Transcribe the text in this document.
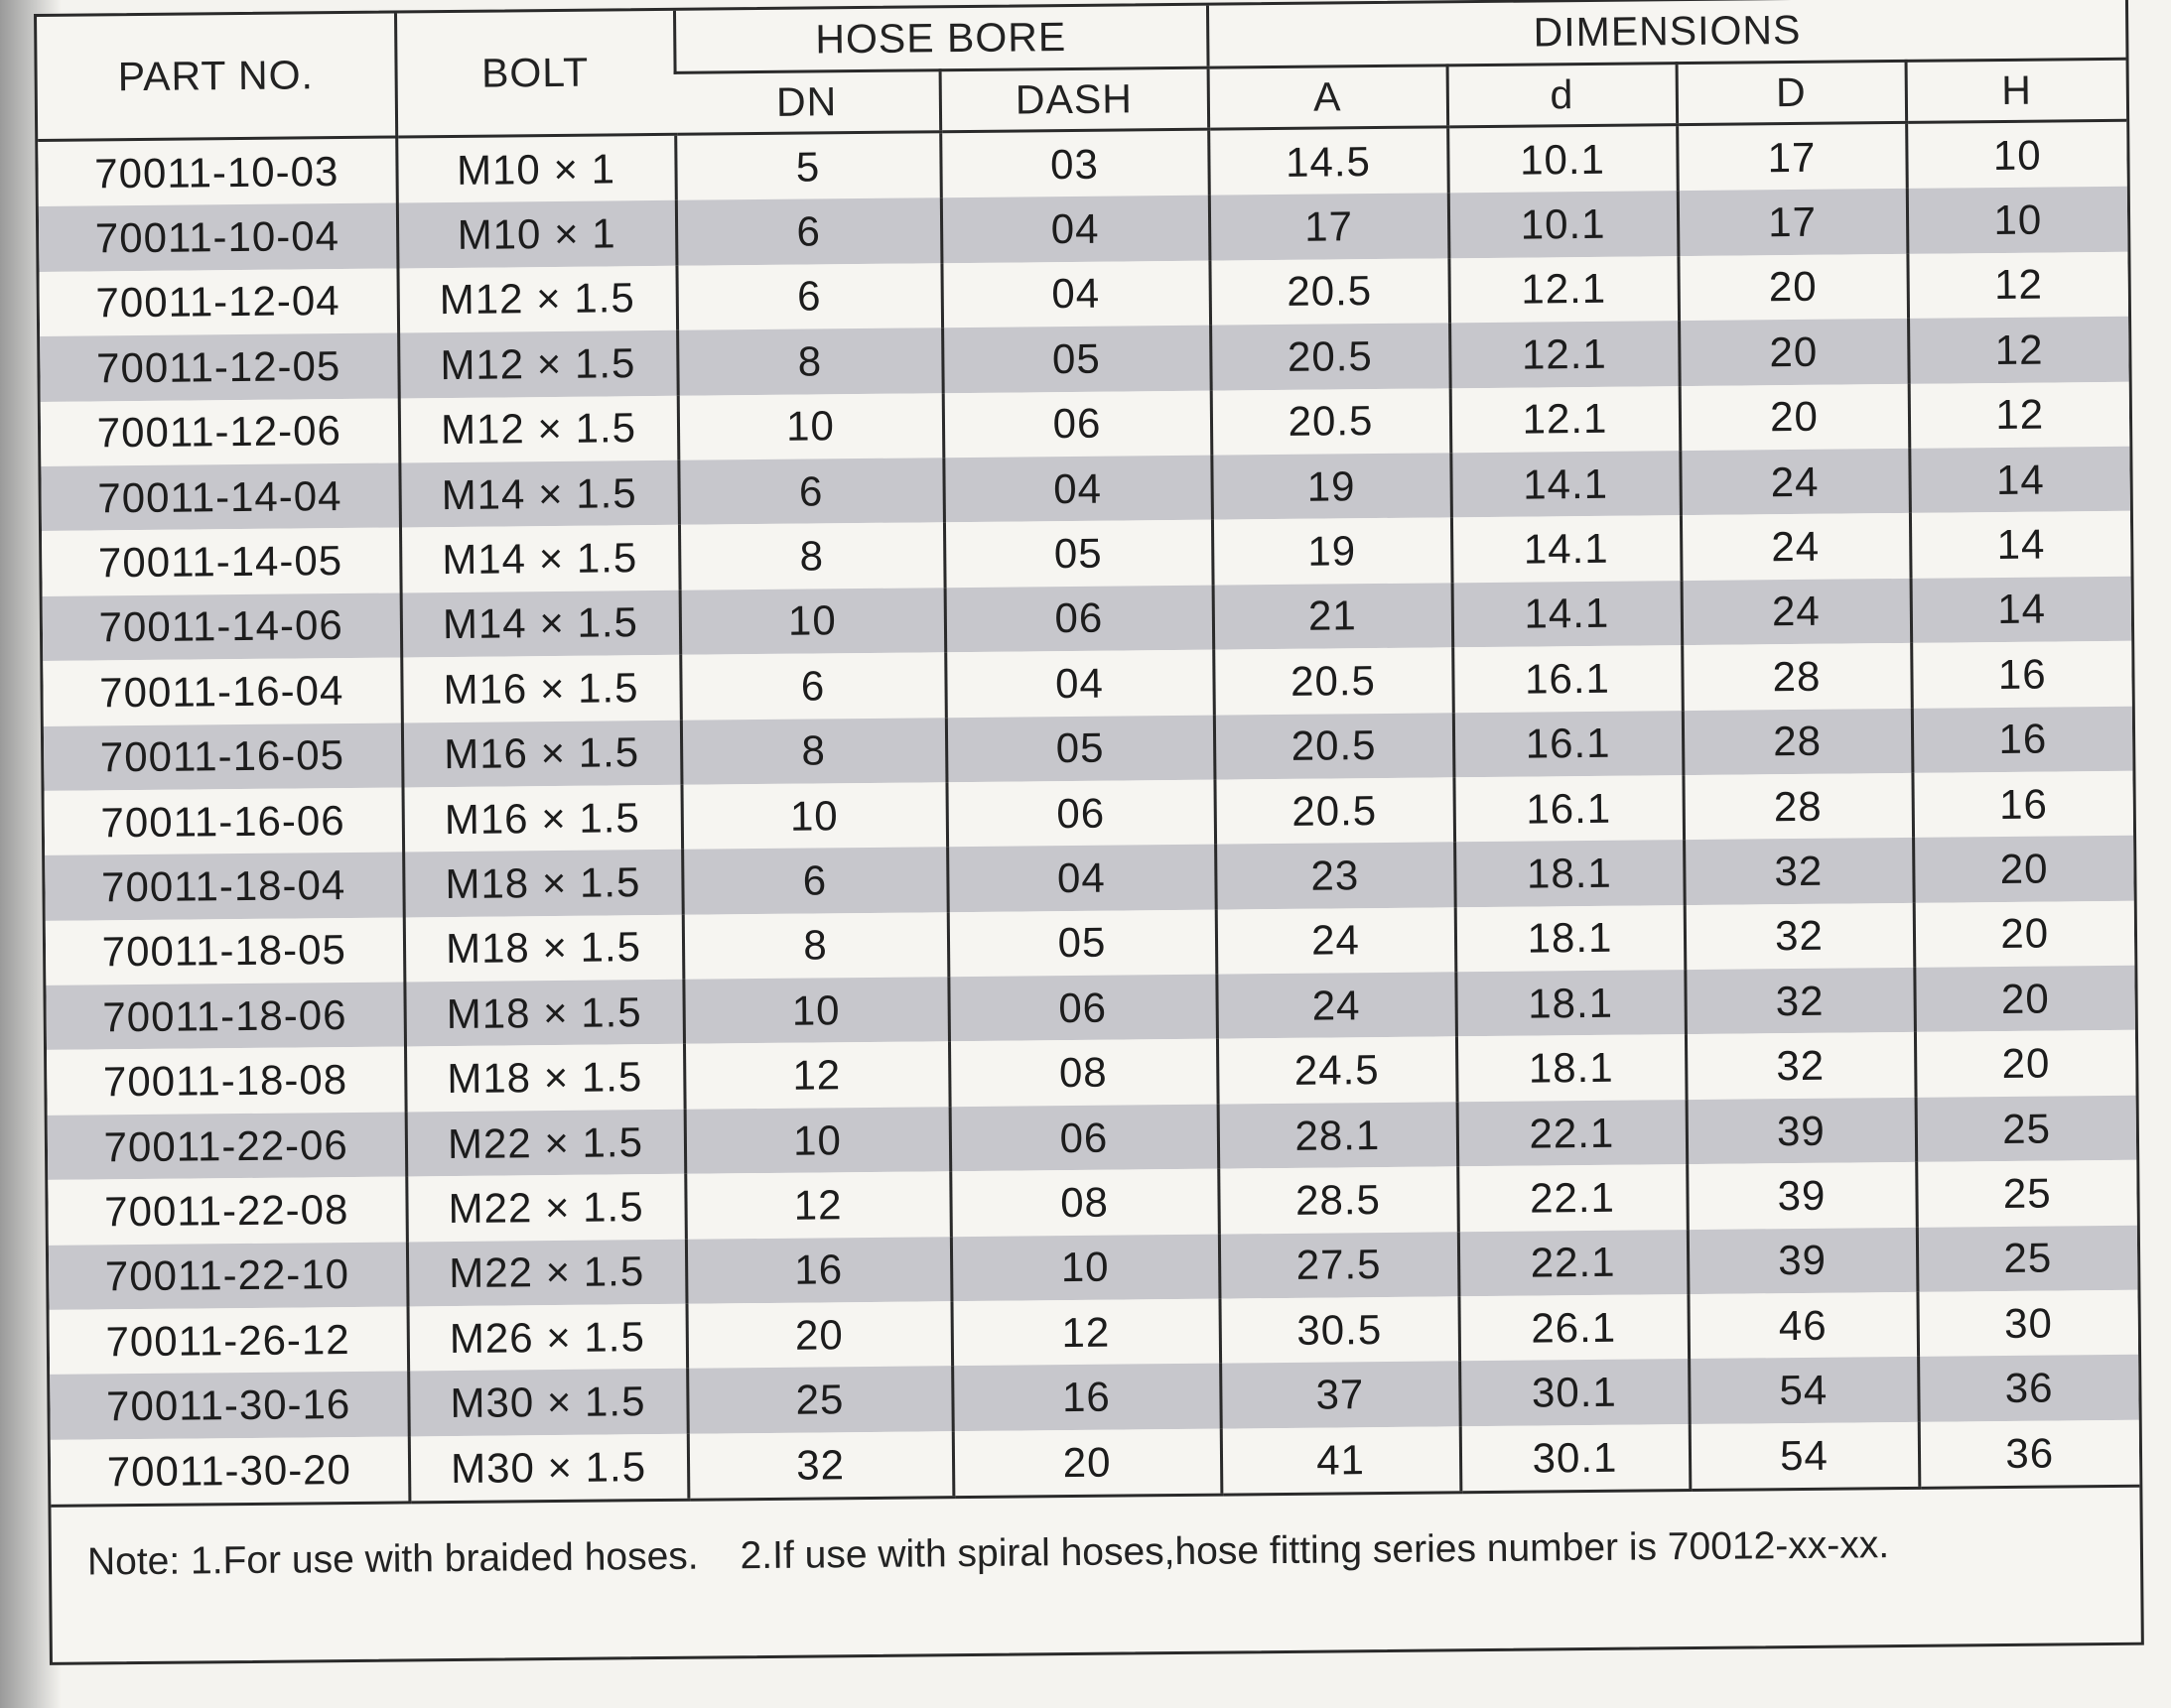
PART NO.	BOLT	HOSE BORE		DIMENSIONS			
		DN	DASH	A	d	D	H
70011-10-03	M10 × 1	5	03	14.5	10.1	17	10
70011-10-04	M10 × 1	6	04	17	10.1	17	10
70011-12-04	M12 × 1.5	6	04	20.5	12.1	20	12
70011-12-05	M12 × 1.5	8	05	20.5	12.1	20	12
70011-12-06	M12 × 1.5	10	06	20.5	12.1	20	12
70011-14-04	M14 × 1.5	6	04	19	14.1	24	14
70011-14-05	M14 × 1.5	8	05	19	14.1	24	14
70011-14-06	M14 × 1.5	10	06	21	14.1	24	14
70011-16-04	M16 × 1.5	6	04	20.5	16.1	28	16
70011-16-05	M16 × 1.5	8	05	20.5	16.1	28	16
70011-16-06	M16 × 1.5	10	06	20.5	16.1	28	16
70011-18-04	M18 × 1.5	6	04	23	18.1	32	20
70011-18-05	M18 × 1.5	8	05	24	18.1	32	20
70011-18-06	M18 × 1.5	10	06	24	18.1	32	20
70011-18-08	M18 × 1.5	12	08	24.5	18.1	32	20
70011-22-06	M22 × 1.5	10	06	28.1	22.1	39	25
70011-22-08	M22 × 1.5	12	08	28.5	22.1	39	25
70011-22-10	M22 × 1.5	16	10	27.5	22.1	39	25
70011-26-12	M26 × 1.5	20	12	30.5	26.1	46	30
70011-30-16	M30 × 1.5	25	16	37	30.1	54	36
70011-30-20	M30 × 1.5	32	20	41	30.1	54	36
Note: 1.For use with braided hoses. 2.If use with spiral hoses,hose fitting series number is 70012-xx-xx.
